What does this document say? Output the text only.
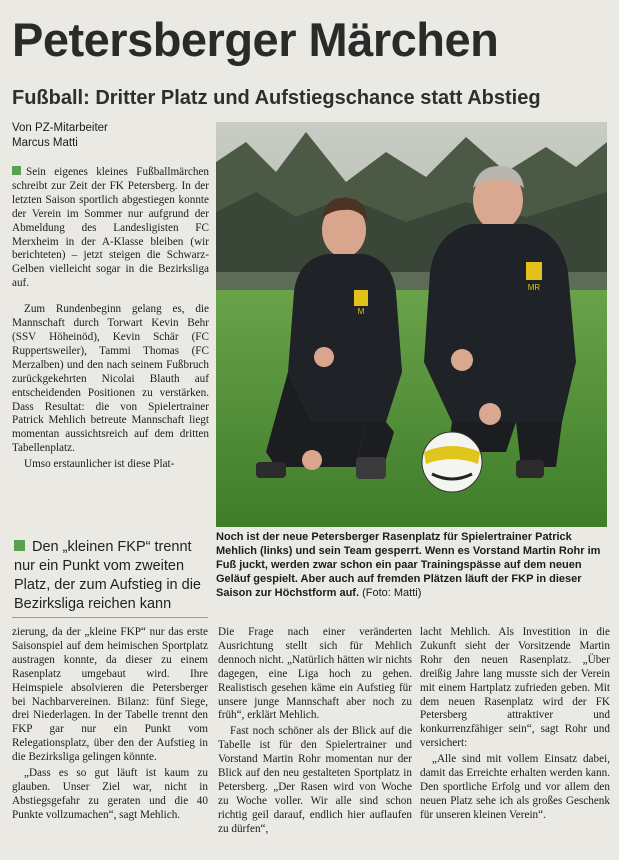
Petersberger Märchen
Fußball: Dritter Platz und Aufstiegschance statt Abstieg
Von PZ-Mitarbeiter
Marcus Matti

Sein eigenes kleines Fußballmärchen schreibt zur Zeit der FK Petersberg. In der letzten Saison sportlich abgestiegen konnte der Verein im Sommer nur aufgrund der Abmeldung des Landesligisten FC Merxheim in der A-Klasse bleiben (wir berichteten) – jetzt steigen die Schwarz-Gelben vielleicht sogar in die Bezirksliga auf.

Zum Rundenbeginn gelang es, die Mannschaft durch Torwart Kevin Behr (SSV Höheinöd), Kevin Schär (FC Ruppertsweiler), Tammi Thomas (FC Merzalben) und den nach seinem Fußbruch zurückgekehrten Nicolai Blauth auf entscheidenden Positionen zu verstärken. Dass Resultat: die von Spielertrainer Patrick Mehlich betreute Mannschaft liegt momentan aussichtsreich auf dem dritten Tabellenplatz.

Umso erstaunlicher ist diese Plat-

Den „kleinen FKP“ trennt nur ein Punkt vom zweiten Platz, der zum Aufstieg in die Bezirksliga reichen kann
M
MR
Noch ist der neue Petersberger Rasenplatz für Spielertrainer Patrick Mehlich (links) und sein Team gesperrt. Wenn es Vorstand Martin Rohr im Fuß juckt, werden zwar schon ein paar Trainingspässe auf dem neuen Geläuf gespielt. Aber auch auf fremden Plätzen läuft der FKP in dieser Saison zur Höchstform auf. (Foto: Matti)

zierung, da der „kleine FKP“ nur das erste Saisonspiel auf dem heimischen Sportplatz austragen konnte, da dieser zu einem Rasenplatz umgebaut wird. Ihre Heimspiele absolvieren die Petersberger bei Nachbarvereinen. Bilanz: fünf Siege, drei Niederlagen. In der Tabelle trennt den FKP gar nur ein Punkt vom Relegationsplatz, über den der Aufstieg in die Bezirksliga gelingen könnte.

„Dass es so gut läuft ist kaum zu glauben. Unser Ziel war, nicht in Abstiegsgefahr zu geraten und die 40 Punkte vollzumachen“, sagt Mehlich.

Die Frage nach einer veränderten Ausrichtung stellt sich für Mehlich dennoch nicht. „Natürlich hätten wir nichts dagegen, eine Liga hoch zu gehen. Realistisch gesehen käme ein Aufstieg für unsere junge Mannschaft aber noch zu früh“, erklärt Mehlich.

Fast noch schöner als der Blick auf die Tabelle ist für den Spielertrainer und Vorstand Martin Rohr momentan nur der Blick auf den neu gestalteten Sportplatz in Petersberg. „Der Rasen wird von Woche zu Woche voller. Wir alle sind schon richtig geil darauf, endlich hier auflaufen zu dürfen“,

lacht Mehlich. Als Investition in die Zukunft sieht der Vorsitzende Martin Rohr den neuen Rasenplatz. „Über dreißig Jahre lang musste sich der Verein mit einem Hartplatz zufrieden geben. Mit dem neuen Rasenplatz wird der FK Petersberg attraktiver und konkurrenzfähiger sein“, sagt Rohr und versichert:

„Alle sind mit vollem Einsatz dabei, damit das Erreichte erhalten werden kann. Den sportliche Erfolg und vor allem den neuen Platz sehe ich als großes Geschenk für unseren kleinen Verein“.
